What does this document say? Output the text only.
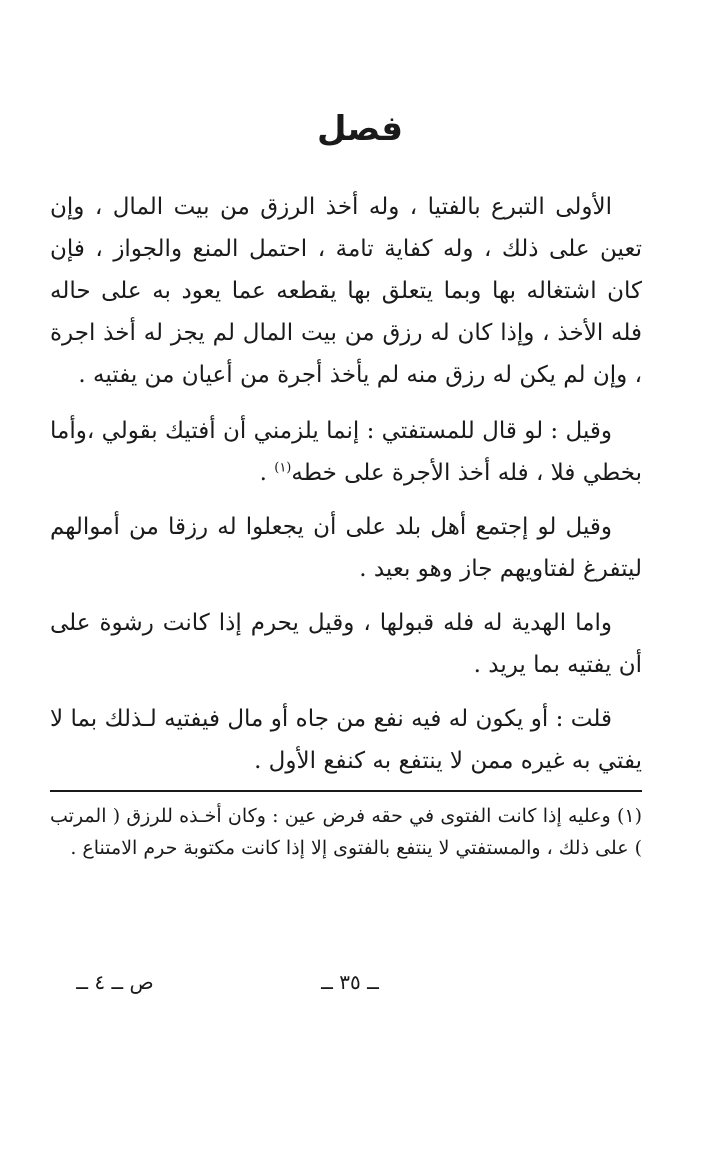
فصل

الأولى التبرع بالفتيا ، وله أخذ الرزق من بيت المال ، وإن تعين على ذلك ، وله كفاية تامة ، احتمل المنع والجواز ، فإن كان اشتغاله بها وبما يتعلق بها يقطعه عما يعود به على حاله فله الأخذ ، وإذا كان له رزق من بيت المال لم يجز له أخذ اجرة ، وإن لم يكن له رزق منه لم يأخذ أجرة من أعيان من يفتيه .

وقيل : لو قال للمستفتي : إنما يلزمني أن أفتيك بقولي ،وأما بخطي فلا ، فله أخذ الأجرة على خطه$^{(١)}$ .

وقيل لو إجتمع أهل بلد على أن يجعلوا له رزقا من أموالهم ليتفرغ لفتاويهم جاز وهو بعيد .

واما الهدية له فله قبولها ، وقيل يحرم إذا كانت رشوة على أن يفتيه بما يريد .

قلت : أو يكون له فيه نفع من جاه أو مال فيفتيه لـذلك بما لا يفتي به غيره ممن لا ينتفع به كنفع الأول .

(١) وعليه إذا كانت الفتوى في حقه فرض عين : وكان أخـذه للرزق ( المرتب ) على ذلك ، والمستفتي لا ينتفع بالفتوى إلا إذا كانت مكتوبة حرم الامتناع .
ــ ٣٥ ــ
ص ــ ٤ ــ
